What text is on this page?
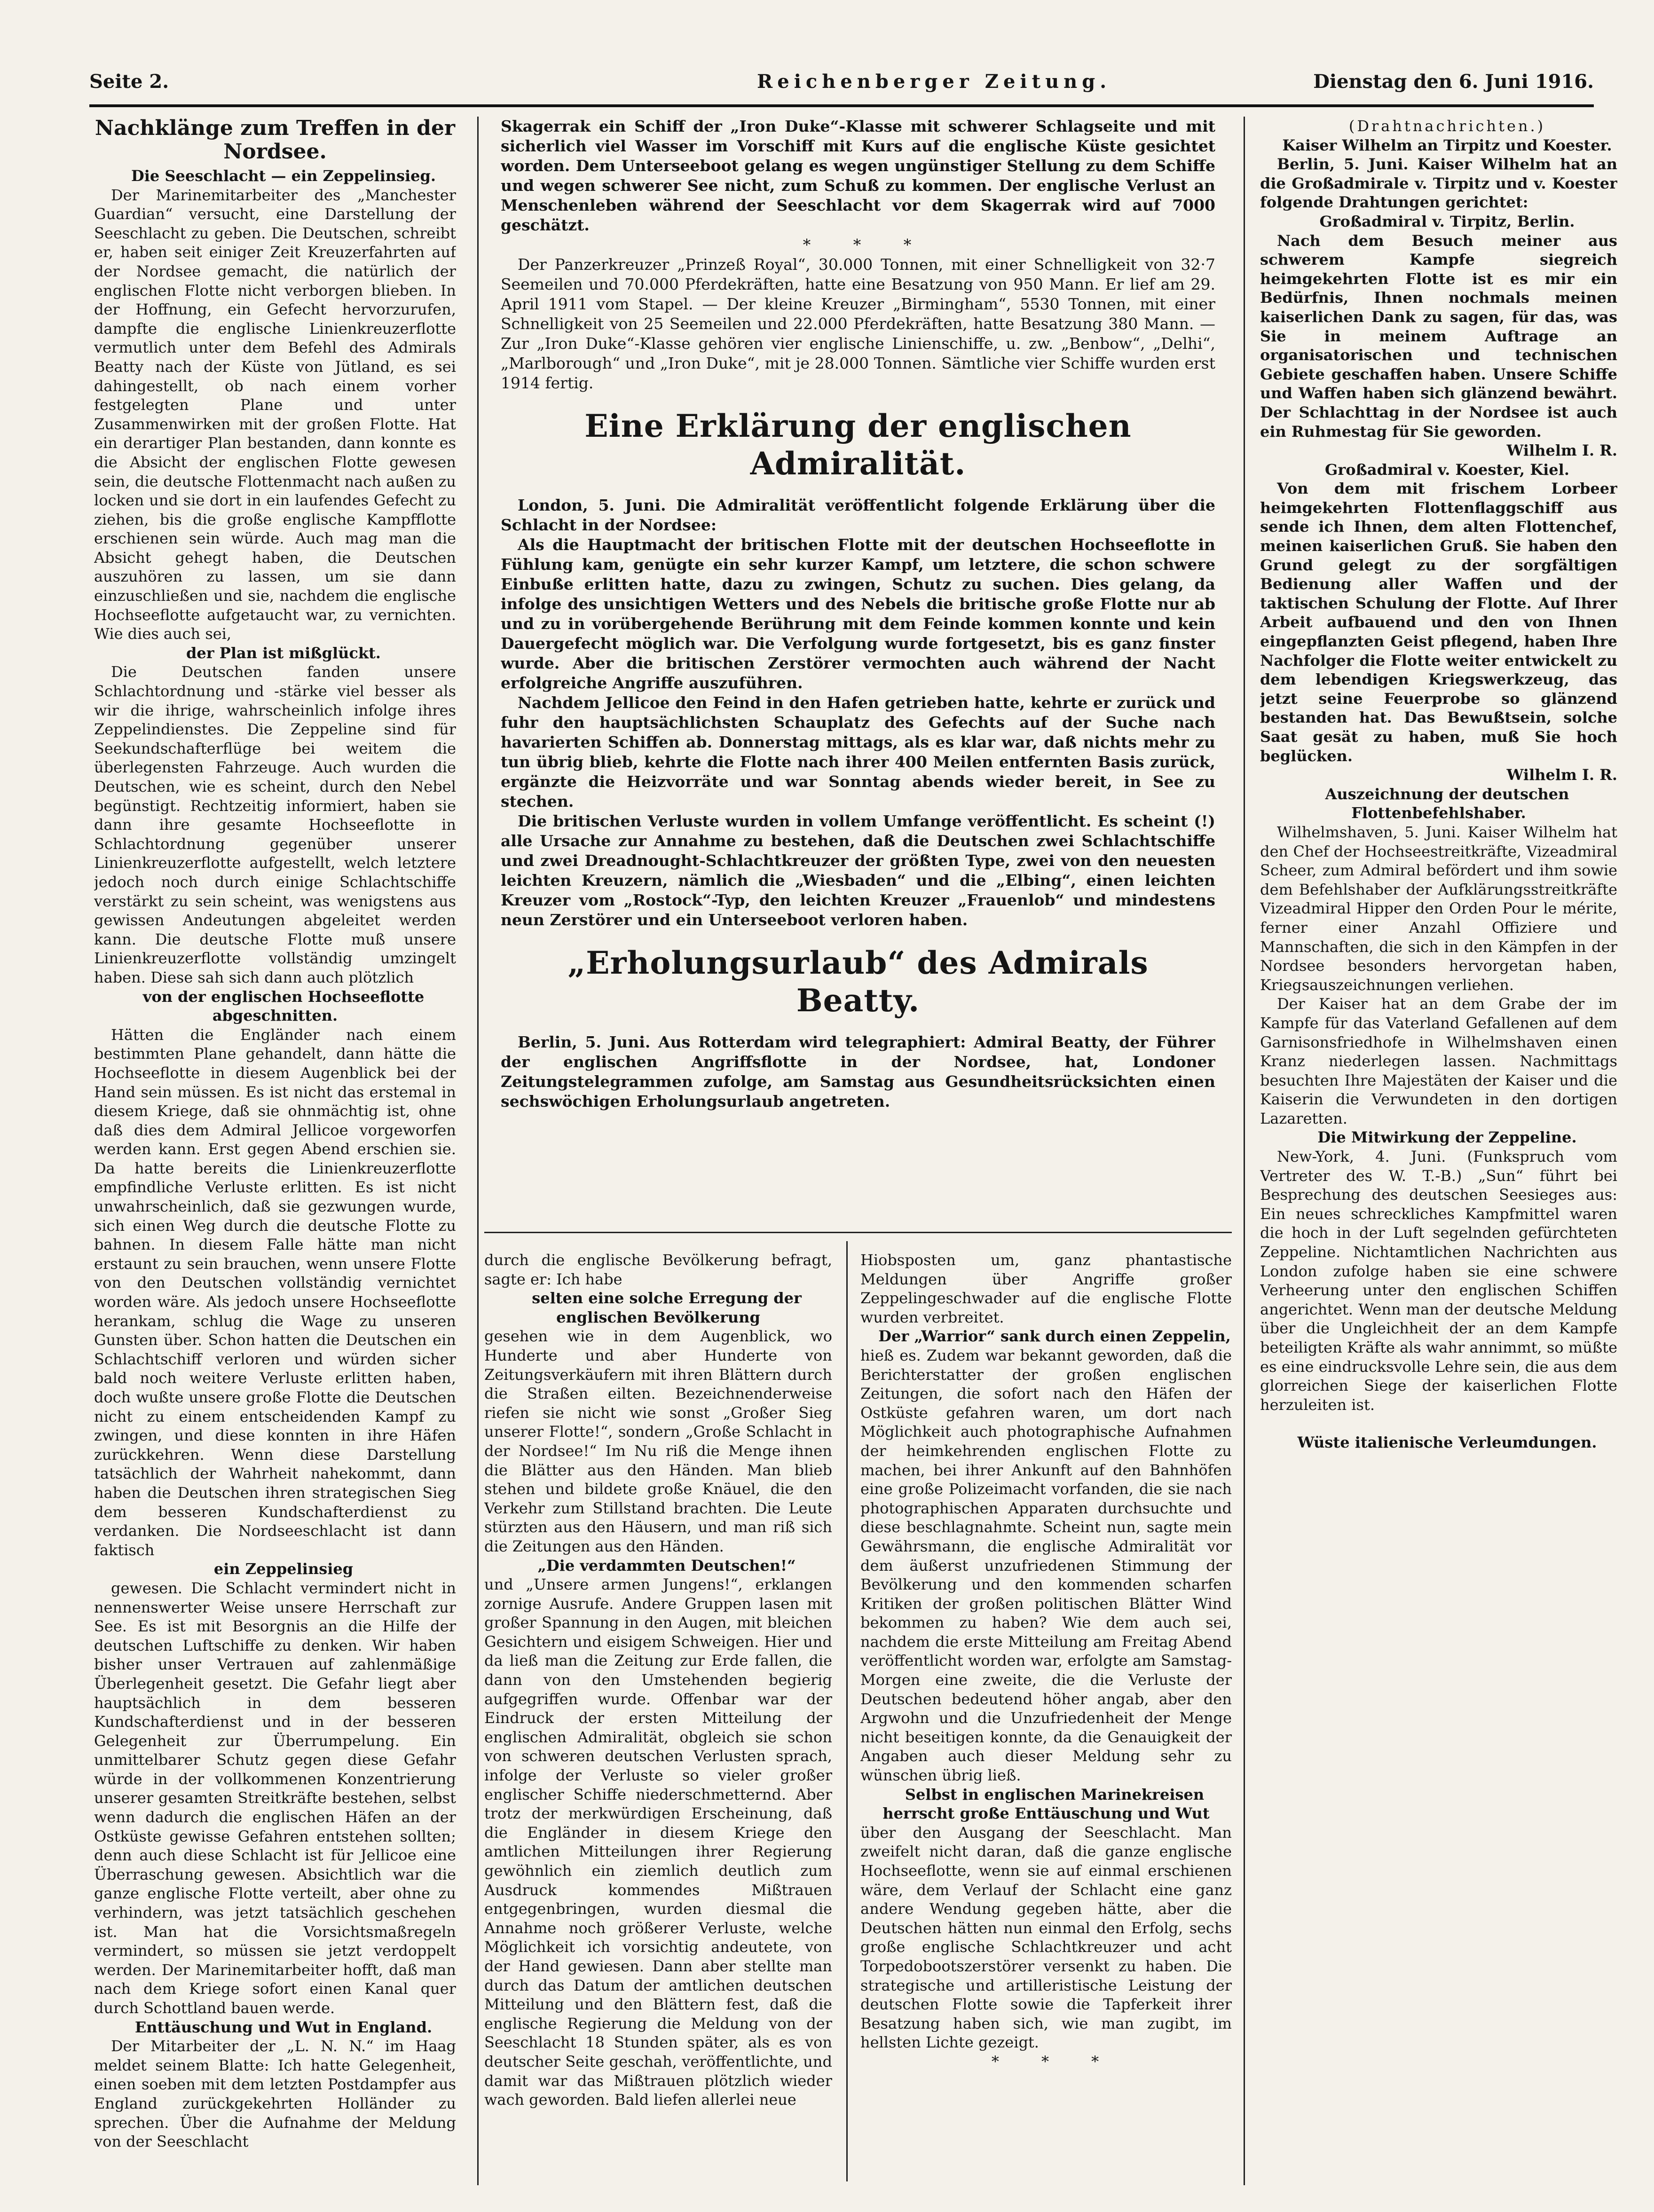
Seite 2.	Reichenberger Zeitung.	Dienstag den 6. Juni 1916.
Nachklänge zum Treffen in der Nordsee.

Die Seeschlacht — ein Zeppelinsieg.

Der Marinemitarbeiter des „Manchester Guardian“ versucht, eine Darstellung der Seeschlacht zu geben. Die Deutschen, schreibt er, haben seit einiger Zeit Kreuzerfahrten auf der Nordsee gemacht, die natürlich der englischen Flotte nicht verborgen blieben. In der Hoffnung, ein Gefecht hervorzurufen, dampfte die englische Linienkreuzerflotte vermutlich unter dem Befehl des Admirals Beatty nach der Küste von Jütland, es sei dahingestellt, ob nach einem vorher festgelegten Plane und unter Zusammenwirken mit der großen Flotte. Hat ein derartiger Plan bestanden, dann konnte es die Absicht der englischen Flotte gewesen sein, die deutsche Flottenmacht nach außen zu locken und sie dort in ein laufendes Gefecht zu ziehen, bis die große englische Kampfflotte erschienen sein würde. Auch mag man die Absicht gehegt haben, die Deutschen auszuhören zu lassen, um sie dann einzuschließen und sie, nachdem die englische Hochseeflotte aufgetaucht war, zu vernichten. Wie dies auch sei,

der Plan ist mißglückt.

Die Deutschen fanden unsere Schlachtordnung und -stärke viel besser als wir die ihrige, wahrscheinlich infolge ihres Zeppelindienstes. Die Zeppeline sind für Seekundschafterflüge bei weitem die überlegensten Fahrzeuge. Auch wurden die Deutschen, wie es scheint, durch den Nebel begünstigt. Rechtzeitig informiert, haben sie dann ihre gesamte Hochseeflotte in Schlachtordnung gegenüber unserer Linienkreuzerflotte aufgestellt, welch letztere jedoch noch durch einige Schlachtschiffe verstärkt zu sein scheint, was wenigstens aus gewissen Andeutungen abgeleitet werden kann. Die deutsche Flotte muß unsere Linienkreuzerflotte vollständig umzingelt haben. Diese sah sich dann auch plötzlich

von der englischen Hochseeflotte abgeschnitten.

Hätten die Engländer nach einem bestimmten Plane gehandelt, dann hätte die Hochseeflotte in diesem Augenblick bei der Hand sein müssen. Es ist nicht das erstemal in diesem Kriege, daß sie ohnmächtig ist, ohne daß dies dem Admiral Jellicoe vorgeworfen werden kann. Erst gegen Abend erschien sie. Da hatte bereits die Linienkreuzerflotte empfindliche Verluste erlitten. Es ist nicht unwahrscheinlich, daß sie gezwungen wurde, sich einen Weg durch die deutsche Flotte zu bahnen. In diesem Falle hätte man nicht erstaunt zu sein brauchen, wenn unsere Flotte von den Deutschen vollständig vernichtet worden wäre. Als jedoch unsere Hochseeflotte herankam, schlug die Wage zu unseren Gunsten über. Schon hatten die Deutschen ein Schlachtschiff verloren und würden sicher bald noch weitere Verluste erlitten haben, doch wußte unsere große Flotte die Deutschen nicht zu einem entscheidenden Kampf zu zwingen, und diese konnten in ihre Häfen zurückkehren. Wenn diese Darstellung tatsächlich der Wahrheit nahekommt, dann haben die Deutschen ihren strategischen Sieg dem besseren Kundschafterdienst zu verdanken. Die Nordseeschlacht ist dann faktisch

ein Zeppelinsieg

gewesen. Die Schlacht vermindert nicht in nennenswerter Weise unsere Herrschaft zur See. Es ist mit Besorgnis an die Hilfe der deutschen Luftschiffe zu denken. Wir haben bisher unser Vertrauen auf zahlenmäßige Überlegenheit gesetzt. Die Gefahr liegt aber hauptsächlich in dem besseren Kundschafterdienst und in der besseren Gelegenheit zur Überrumpelung. Ein unmittelbarer Schutz gegen diese Gefahr würde in der vollkommenen Konzentrierung unserer gesamten Streitkräfte bestehen, selbst wenn dadurch die englischen Häfen an der Ostküste gewisse Gefahren entstehen sollten; denn auch diese Schlacht ist für Jellicoe eine Überraschung gewesen. Absichtlich war die ganze englische Flotte verteilt, aber ohne zu verhindern, was jetzt tatsächlich geschehen ist. Man hat die Vorsichtsmaßregeln vermindert, so müssen sie jetzt verdoppelt werden. Der Marinemitarbeiter hofft, daß man nach dem Kriege sofort einen Kanal quer durch Schottland bauen werde.

Enttäuschung und Wut in England.

Der Mitarbeiter der „L. N. N.“ im Haag meldet seinem Blatte: Ich hatte Gelegenheit, einen soeben mit dem letzten Postdampfer aus England zurückgekehrten Holländer zu sprechen. Über die Aufnahme der Meldung von der Seeschlacht

Skagerrak ein Schiff der „Iron Duke“-Klasse mit schwerer Schlagseite und mit sicherlich viel Wasser im Vorschiff mit Kurs auf die englische Küste gesichtet worden. Dem Unterseeboot gelang es wegen ungünstiger Stellung zu dem Schiffe und wegen schwerer See nicht, zum Schuß zu kommen. Der englische Verlust an Menschenleben während der Seeschlacht vor dem Skagerrak wird auf 7000 geschätzt.

* * *

Der Panzerkreuzer „Prinzeß Royal“, 30.000 Tonnen, mit einer Schnelligkeit von 32·7 Seemeilen und 70.000 Pferdekräften, hatte eine Besatzung von 950 Mann. Er lief am 29. April 1911 vom Stapel. — Der kleine Kreuzer „Birmingham“, 5530 Tonnen, mit einer Schnelligkeit von 25 Seemeilen und 22.000 Pferdekräften, hatte Besatzung 380 Mann. — Zur „Iron Duke“-Klasse gehören vier englische Linienschiffe, u. zw. „Benbow“, „Delhi“, „Marlborough“ und „Iron Duke“, mit je 28.000 Tonnen. Sämtliche vier Schiffe wurden erst 1914 fertig.

Eine Erklärung der englischen Admiralität.

London, 5. Juni. Die Admiralität veröffentlicht folgende Erklärung über die Schlacht in der Nordsee:

Als die Hauptmacht der britischen Flotte mit der deutschen Hochseeflotte in Fühlung kam, genügte ein sehr kurzer Kampf, um letztere, die schon schwere Einbuße erlitten hatte, dazu zu zwingen, Schutz zu suchen. Dies gelang, da infolge des unsichtigen Wetters und des Nebels die britische große Flotte nur ab und zu in vorübergehende Berührung mit dem Feinde kommen konnte und kein Dauergefecht möglich war. Die Verfolgung wurde fortgesetzt, bis es ganz finster wurde. Aber die britischen Zerstörer vermochten auch während der Nacht erfolgreiche Angriffe auszuführen.

Nachdem Jellicoe den Feind in den Hafen getrieben hatte, kehrte er zurück und fuhr den hauptsächlichsten Schauplatz des Gefechts auf der Suche nach havarierten Schiffen ab. Donnerstag mittags, als es klar war, daß nichts mehr zu tun übrig blieb, kehrte die Flotte nach ihrer 400 Meilen entfernten Basis zurück, ergänzte die Heizvorräte und war Sonntag abends wieder bereit, in See zu stechen.

Die britischen Verluste wurden in vollem Umfange veröffentlicht. Es scheint (!) alle Ursache zur Annahme zu bestehen, daß die Deutschen zwei Schlachtschiffe und zwei Dreadnought-Schlachtkreuzer der größten Type, zwei von den neuesten leichten Kreuzern, nämlich die „Wiesbaden“ und die „Elbing“, einen leichten Kreuzer vom „Rostock“-Typ, den leichten Kreuzer „Frauenlob“ und mindestens neun Zerstörer und ein Unterseeboot verloren haben.

„Erholungsurlaub“ des Admirals Beatty.

Berlin, 5. Juni. Aus Rotterdam wird telegraphiert: Admiral Beatty, der Führer der englischen Angriffsflotte in der Nordsee, hat, Londoner Zeitungstelegrammen zufolge, am Samstag aus Gesundheitsrücksichten einen sechswöchigen Erholungsurlaub angetreten.

durch die englische Bevölkerung befragt, sagte er: Ich habe

selten eine solche Erregung der englischen Bevölkerung

gesehen wie in dem Augenblick, wo Hunderte und aber Hunderte von Zeitungsverkäufern mit ihren Blättern durch die Straßen eilten. Bezeichnenderweise riefen sie nicht wie sonst „Großer Sieg unserer Flotte!“, sondern „Große Schlacht in der Nordsee!“ Im Nu riß die Menge ihnen die Blätter aus den Händen. Man blieb stehen und bildete große Knäuel, die den Verkehr zum Stillstand brachten. Die Leute stürzten aus den Häusern, und man riß sich die Zeitungen aus den Händen.

„Die verdammten Deutschen!“

und „Unsere armen Jungens!“, erklangen zornige Ausrufe. Andere Gruppen lasen mit großer Spannung in den Augen, mit bleichen Gesichtern und eisigem Schweigen. Hier und da ließ man die Zeitung zur Erde fallen, die dann von den Umstehenden begierig aufgegriffen wurde. Offenbar war der Eindruck der ersten Mitteilung der englischen Admiralität, obgleich sie schon von schweren deutschen Verlusten sprach, infolge der Verluste so vieler großer englischer Schiffe niederschmetternd. Aber trotz der merkwürdigen Erscheinung, daß die Engländer in diesem Kriege den amtlichen Mitteilungen ihrer Regierung gewöhnlich ein ziemlich deutlich zum Ausdruck kommendes Mißtrauen entgegenbringen, wurden diesmal die Annahme noch größerer Verluste, welche Möglichkeit ich vorsichtig andeutete, von der Hand gewiesen. Dann aber stellte man durch das Datum der amtlichen deutschen Mitteilung und den Blättern fest, daß die englische Regierung die Meldung von der Seeschlacht 18 Stunden später, als es von deutscher Seite geschah, veröffentlichte, und damit war das Mißtrauen plötzlich wieder wach geworden. Bald liefen allerlei neue

Hiobsposten um, ganz phantastische Meldungen über Angriffe großer Zeppelingeschwader auf die englische Flotte wurden verbreitet.

Der „Warrior“ sank durch einen Zeppelin,

hieß es. Zudem war bekannt geworden, daß die Berichterstatter der großen englischen Zeitungen, die sofort nach den Häfen der Ostküste gefahren waren, um dort nach Möglichkeit auch photographische Aufnahmen der heimkehrenden englischen Flotte zu machen, bei ihrer Ankunft auf den Bahnhöfen eine große Polizeimacht vorfanden, die sie nach photographischen Apparaten durchsuchte und diese beschlagnahmte. Scheint nun, sagte mein Gewährsmann, die englische Admiralität vor dem äußerst unzufriedenen Stimmung der Bevölkerung und den kommenden scharfen Kritiken der großen politischen Blätter Wind bekommen zu haben? Wie dem auch sei, nachdem die erste Mitteilung am Freitag Abend veröffentlicht worden war, erfolgte am Samstag-Morgen eine zweite, die die Verluste der Deutschen bedeutend höher angab, aber den Argwohn und die Unzufriedenheit der Menge nicht beseitigen konnte, da die Genauigkeit der Angaben auch dieser Meldung sehr zu wünschen übrig ließ.

Selbst in englischen Marinekreisen herrscht große Enttäuschung und Wut

über den Ausgang der Seeschlacht. Man zweifelt nicht daran, daß die ganze englische Hochseeflotte, wenn sie auf einmal erschienen wäre, dem Verlauf der Schlacht eine ganz andere Wendung gegeben hätte, aber die Deutschen hätten nun einmal den Erfolg, sechs große englische Schlachtkreuzer und acht Torpedobootszerstörer versenkt zu haben. Die strategische und artilleristische Leistung der deutschen Flotte sowie die Tapferkeit ihrer Besatzung haben sich, wie man zugibt, im hellsten Lichte gezeigt.

* * *

(Drahtnachrichten.)

Kaiser Wilhelm an Tirpitz und Koester.

Berlin, 5. Juni. Kaiser Wilhelm hat an die Großadmirale v. Tirpitz und v. Koester folgende Drahtungen gerichtet:

Großadmiral v. Tirpitz, Berlin.

Nach dem Besuch meiner aus schwerem Kampfe siegreich heimgekehrten Flotte ist es mir ein Bedürfnis, Ihnen nochmals meinen kaiserlichen Dank zu sagen, für das, was Sie in meinem Auftrage an organisatorischen und technischen Gebiete geschaffen haben. Unsere Schiffe und Waffen haben sich glänzend bewährt. Der Schlachttag in der Nordsee ist auch ein Ruhmestag für Sie geworden.

Wilhelm I. R.

Großadmiral v. Koester, Kiel.

Von dem mit frischem Lorbeer heimgekehrten Flottenflaggschiff aus sende ich Ihnen, dem alten Flottenchef, meinen kaiserlichen Gruß. Sie haben den Grund gelegt zu der sorgfältigen Bedienung aller Waffen und der taktischen Schulung der Flotte. Auf Ihrer Arbeit aufbauend und den von Ihnen eingepflanzten Geist pflegend, haben Ihre Nachfolger die Flotte weiter entwickelt zu dem lebendigen Kriegswerkzeug, das jetzt seine Feuerprobe so glänzend bestanden hat. Das Bewußtsein, solche Saat gesät zu haben, muß Sie hoch beglücken.

Wilhelm I. R.

Auszeichnung der deutschen Flottenbefehlshaber.

Wilhelmshaven, 5. Juni. Kaiser Wilhelm hat den Chef der Hochseestreitkräfte, Vizeadmiral Scheer, zum Admiral befördert und ihm sowie dem Befehlshaber der Aufklärungsstreitkräfte Vizeadmiral Hipper den Orden Pour le mérite, ferner einer Anzahl Offiziere und Mannschaften, die sich in den Kämpfen in der Nordsee besonders hervorgetan haben, Kriegsauszeichnungen verliehen.

Der Kaiser hat an dem Grabe der im Kampfe für das Vaterland Gefallenen auf dem Garnisonsfriedhofe in Wilhelmshaven einen Kranz niederlegen lassen. Nachmittags besuchten Ihre Majestäten der Kaiser und die Kaiserin die Verwundeten in den dortigen Lazaretten.

Die Mitwirkung der Zeppeline.

New-York, 4. Juni. (Funkspruch vom Vertreter des W. T.-B.) „Sun“ führt bei Besprechung des deutschen Seesieges aus: Ein neues schreckliches Kampfmittel waren die hoch in der Luft segelnden gefürchteten Zeppeline. Nichtamtlichen Nachrichten aus London zufolge haben sie eine schwere Verheerung unter den englischen Schiffen angerichtet. Wenn man der deutsche Meldung über die Ungleichheit der an dem Kampfe beteiligten Kräfte als wahr annimmt, so müßte es eine eindrucksvolle Lehre sein, die aus dem glorreichen Siege der kaiserlichen Flotte herzuleiten ist.

Wüste italienische Verleumdungen.
